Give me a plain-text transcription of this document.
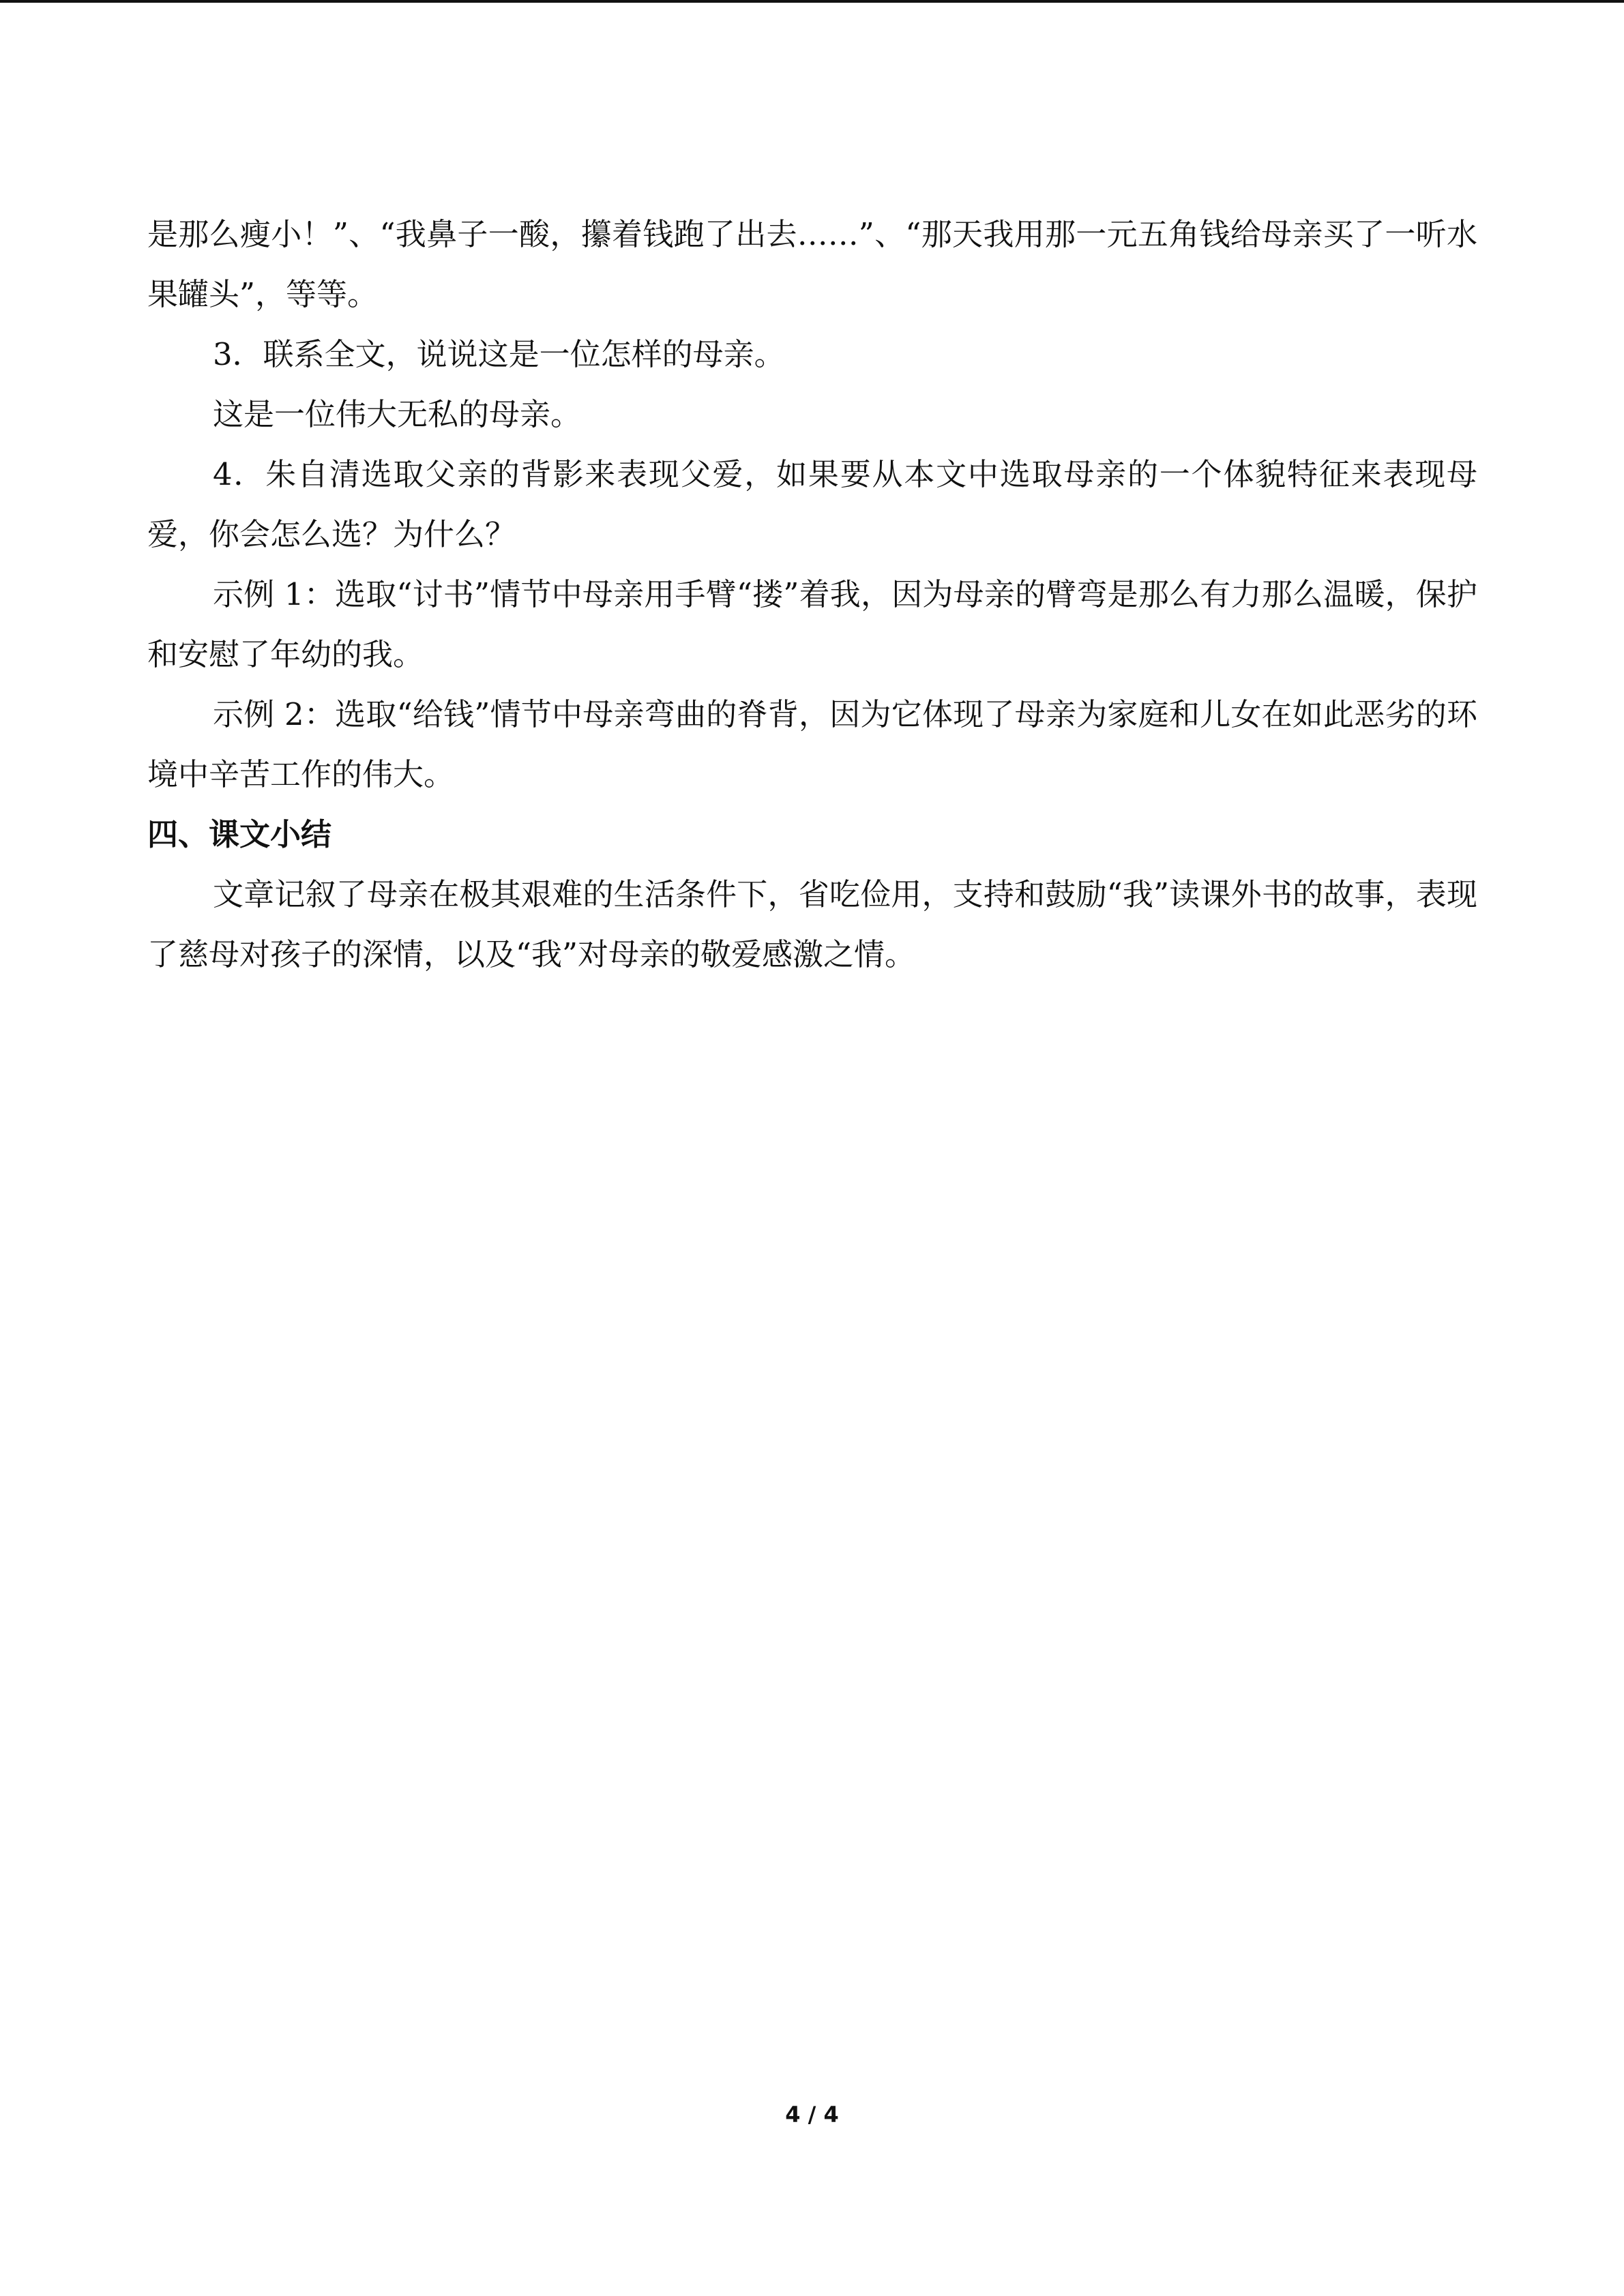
是那么瘦小！”、“我鼻子一酸，攥着钱跑了出去……”、“那天我用那一元五角钱给母亲买了一听水果罐头”，等等。

3．联系全文，说说这是一位怎样的母亲。

这是一位伟大无私的母亲。

4．朱自清选取父亲的背影来表现父爱，如果要从本文中选取母亲的一个体貌特征来表现母爱，你会怎么选？为什么？

示例 1：选取“讨书”情节中母亲用手臂“搂”着我，因为母亲的臂弯是那么有力那么温暖，保护和安慰了年幼的我。

示例 2：选取“给钱”情节中母亲弯曲的脊背，因为它体现了母亲为家庭和儿女在如此恶劣的环境中辛苦工作的伟大。

四、课文小结

文章记叙了母亲在极其艰难的生活条件下，省吃俭用，支持和鼓励“我”读课外书的故事，表现了慈母对孩子的深情，以及“我”对母亲的敬爱感激之情。

4 / 4
